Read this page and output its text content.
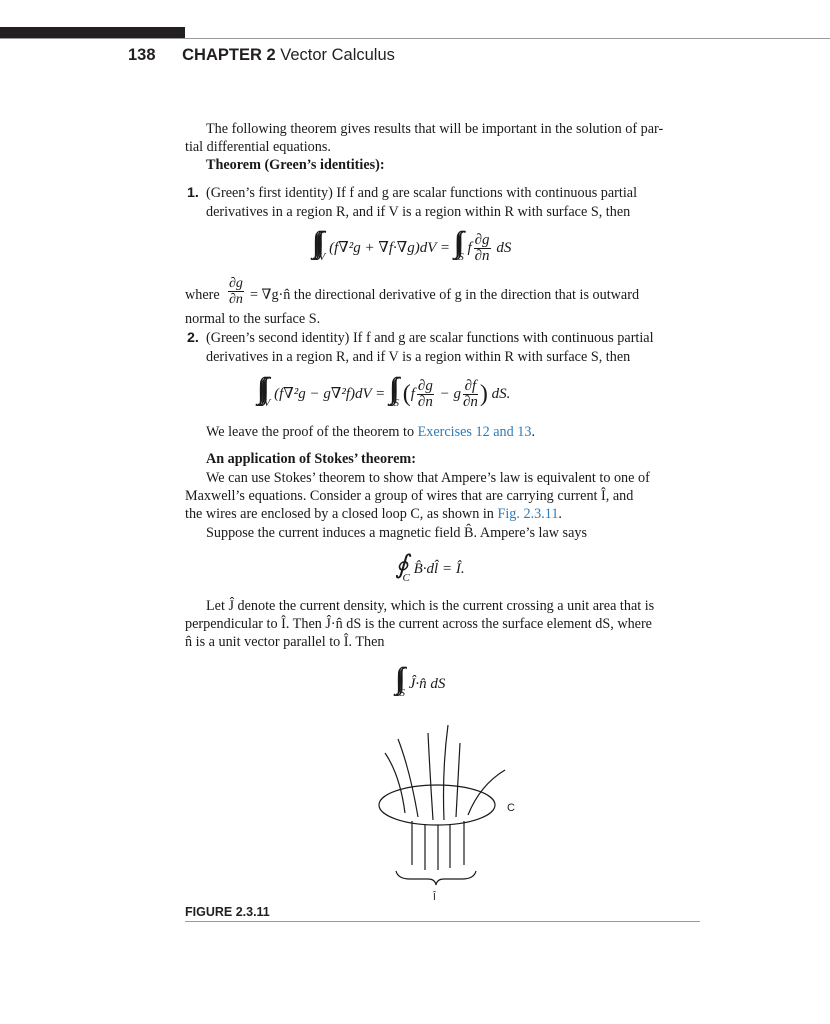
138 CHAPTER 2 Vector Calculus
The following theorem gives results that will be important in the solution of par-
tial differential equations.
Theorem (Green’s identities):
1. (Green’s first identity) If f and g are scalar functions with continuous partial
derivatives in a region R, and if V is a region within R with surface S, then
$\int\int\int_V$ $(f\nabla^2g + \nabla f\cdot\nabla g)dV = \int\int_S$ f $\frac{\partial g}{\partial n}$ dS
where $\frac{\partial g}{\partial n}$ = ∇g·n̂ the directional derivative of g in the direction that is outward
normal to the surface S.
2. (Green’s second identity) If f and g are scalar functions with continuous partial
derivatives in a region R, and if V is a region within R with surface S, then
$\int\int\int_V$ $(f\nabla^2g - g\nabla^2f)dV = \int\int_S$ ($f \frac{\partial g}{\partial n} - g \frac{\partial f}{\partial n}$ ) dS.
We leave the proof of the theorem to Exercises 12 and 13.
An application of Stokes’ theorem:
We can use Stokes’ theorem to show that Ampere’s law is equivalent to one of
Maxwell’s equations. Consider a group of wires that are carrying current Î, and
the wires are enclosed by a closed loop C, as shown in Fig. 2.3.11.
Suppose the current induces a magnetic field B̂. Ampere’s law says
$∮_C$ B̂·dl̂ = Î.
Let Ĵ denote the current density, which is the current crossing a unit area that is
perpendicular to Î. Then Ĵ·n̂ dS is the current across the surface element dS, where
n̂ is a unit vector parallel to Î. Then
$\int\int_S$ Ĵ·n̂ dS
C
Î
FIGURE 2.3.11
